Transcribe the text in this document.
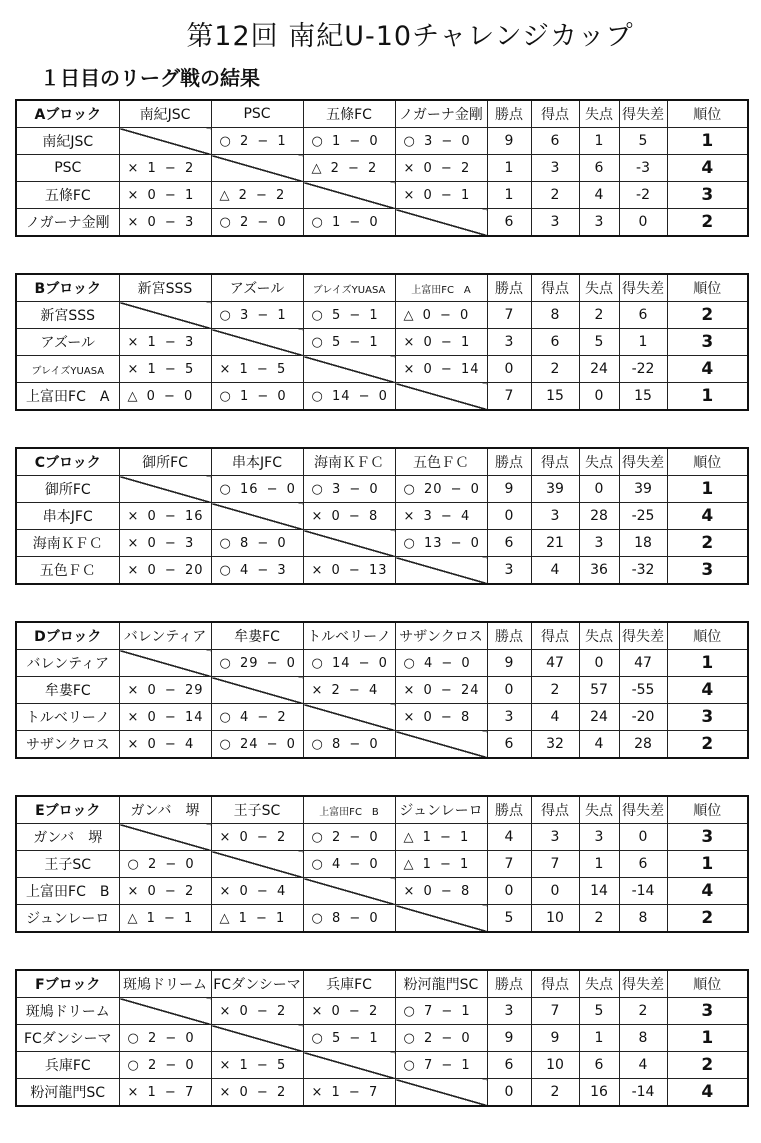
第12回 南紀U-10チャレンジカップ
１日目のリーグ戦の結果
Aブロック	南紀JSC	PSC	五條FC	ノガーナ金剛	勝点	得点	失点	得失差	順位
南紀JSC		○ 2 − 1	○ 1 − 0	○ 3 − 0	9	6	1	5	1
PSC	× 1 − 2		△ 2 − 2	× 0 − 2	1	3	6	-3	4
五條FC	× 0 − 1	△ 2 − 2		× 0 − 1	1	2	4	-2	3
ノガーナ金剛	× 0 − 3	○ 2 − 0	○ 1 − 0		6	3	3	0	2
Bブロック	新宮SSS	アズール	ブレイズYUASA	上富田FC　A	勝点	得点	失点	得失差	順位
新宮SSS		○ 3 − 1	○ 5 − 1	△ 0 − 0	7	8	2	6	2
アズール	× 1 − 3		○ 5 − 1	× 0 − 1	3	6	5	1	3
ブレイズYUASA	× 1 − 5	× 1 − 5		× 0 − 14	0	2	24	-22	4
上富田FC　A	△ 0 − 0	○ 1 − 0	○ 14 − 0		7	15	0	15	1
Cブロック	御所FC	串本JFC	海南ＫＦＣ	五色ＦＣ	勝点	得点	失点	得失差	順位
御所FC		○ 16 − 0	○ 3 − 0	○ 20 − 0	9	39	0	39	1
串本JFC	× 0 − 16		× 0 − 8	× 3 − 4	0	3	28	-25	4
海南ＫＦＣ	× 0 − 3	○ 8 − 0		○ 13 − 0	6	21	3	18	2
五色ＦＣ	× 0 − 20	○ 4 − 3	× 0 − 13		3	4	36	-32	3
Dブロック	バレンティア	牟婁FC	トルベリーノ	サザンクロス	勝点	得点	失点	得失差	順位
バレンティア		○ 29 − 0	○ 14 − 0	○ 4 − 0	9	47	0	47	1
牟婁FC	× 0 − 29		× 2 − 4	× 0 − 24	0	2	57	-55	4
トルベリーノ	× 0 − 14	○ 4 − 2		× 0 − 8	3	4	24	-20	3
サザンクロス	× 0 − 4	○ 24 − 0	○ 8 − 0		6	32	4	28	2
Eブロック	ガンバ　堺	王子SC	上富田FC　B	ジュンレーロ	勝点	得点	失点	得失差	順位
ガンバ　堺		× 0 − 2	○ 2 − 0	△ 1 − 1	4	3	3	0	3
王子SC	○ 2 − 0		○ 4 − 0	△ 1 − 1	7	7	1	6	1
上富田FC　B	× 0 − 2	× 0 − 4		× 0 − 8	0	0	14	-14	4
ジュンレーロ	△ 1 − 1	△ 1 − 1	○ 8 − 0		5	10	2	8	2
Fブロック	斑鳩ドリーム	FCダンシーマ	兵庫FC	粉河龍門SC	勝点	得点	失点	得失差	順位
斑鳩ドリーム		× 0 − 2	× 0 − 2	○ 7 − 1	3	7	5	2	3
FCダンシーマ	○ 2 − 0		○ 5 − 1	○ 2 − 0	9	9	1	8	1
兵庫FC	○ 2 − 0	× 1 − 5		○ 7 − 1	6	10	6	4	2
粉河龍門SC	× 1 − 7	× 0 − 2	× 1 − 7		0	2	16	-14	4
